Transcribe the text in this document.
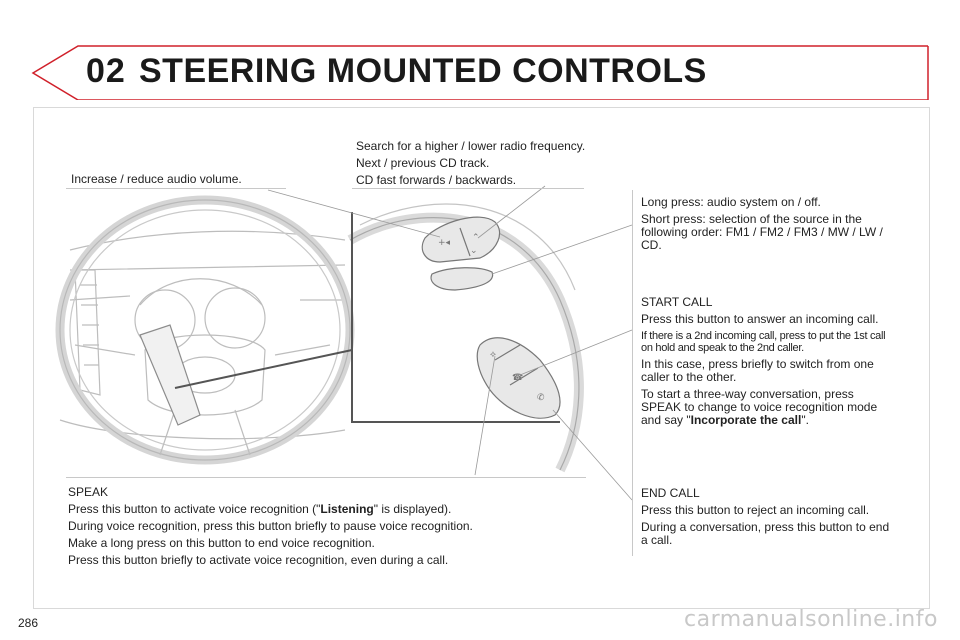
02 STEERING MOUNTED CONTROLS
+◂ ⌃
⌄
⟡
☎
✆

Increase / reduce audio volume.

Search for a higher / lower radio frequency.

Next / previous CD track.

CD fast forwards / backwards.

Long press: audio system on / off.

Short press: selection of the source in the following order: FM1 / FM2 / FM3 / MW / LW / CD.

START CALL

Press this button to answer an incoming call.

If there is a 2nd incoming call, press to put the 1st call on hold and speak to the 2nd caller.

In this case, press briefly to switch from one caller to the other.

To start a three-way conversation, press SPEAK to change to voice recognition mode and say "Incorporate the call".

END CALL

Press this button to reject an incoming call.

During a conversation, press this button to end a call.

SPEAK

Press this button to activate voice recognition ("Listening" is displayed).

During voice recognition, press this button briefly to pause voice recognition.

Make a long press on this button to end voice recognition.

Press this button briefly to activate voice recognition, even during a call.

286	carmanualsonline.info
